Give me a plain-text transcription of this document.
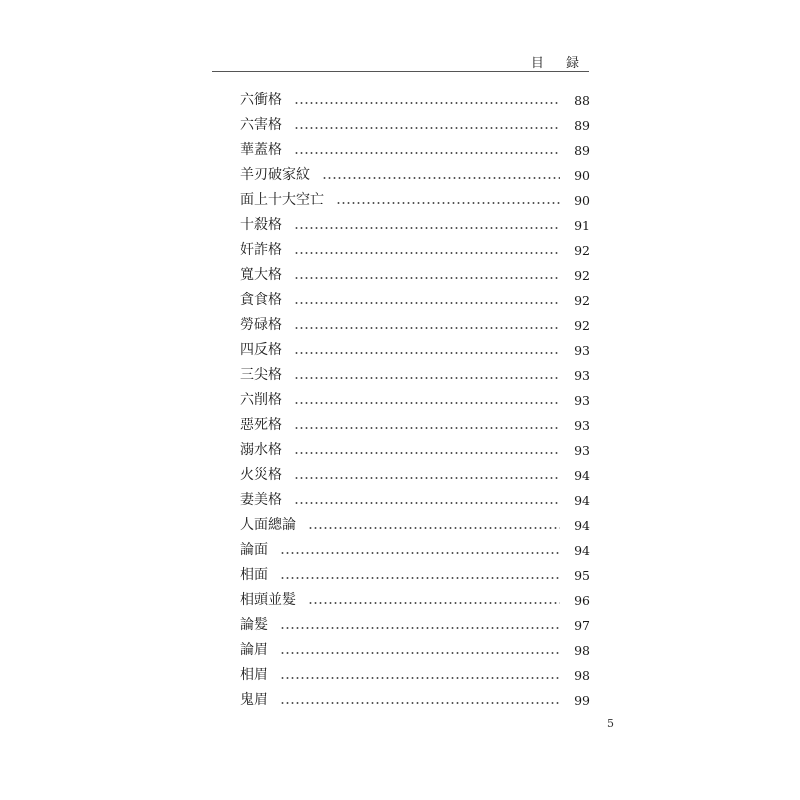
目 録
六衝格	88
六害格	89
華蓋格	89
羊刃破家紋	90
面上十大空亡	90
十殺格	91
奸詐格	92
寬大格	92
貪食格	92
勞碌格	92
四反格	93
三尖格	93
六削格	93
惡死格	93
溺水格	93
火災格	94
妻美格	94
人面總論	94
論面	94
相面	95
相頭並髮	96
論髮	97
論眉	98
相眉	98
鬼眉	99
5
